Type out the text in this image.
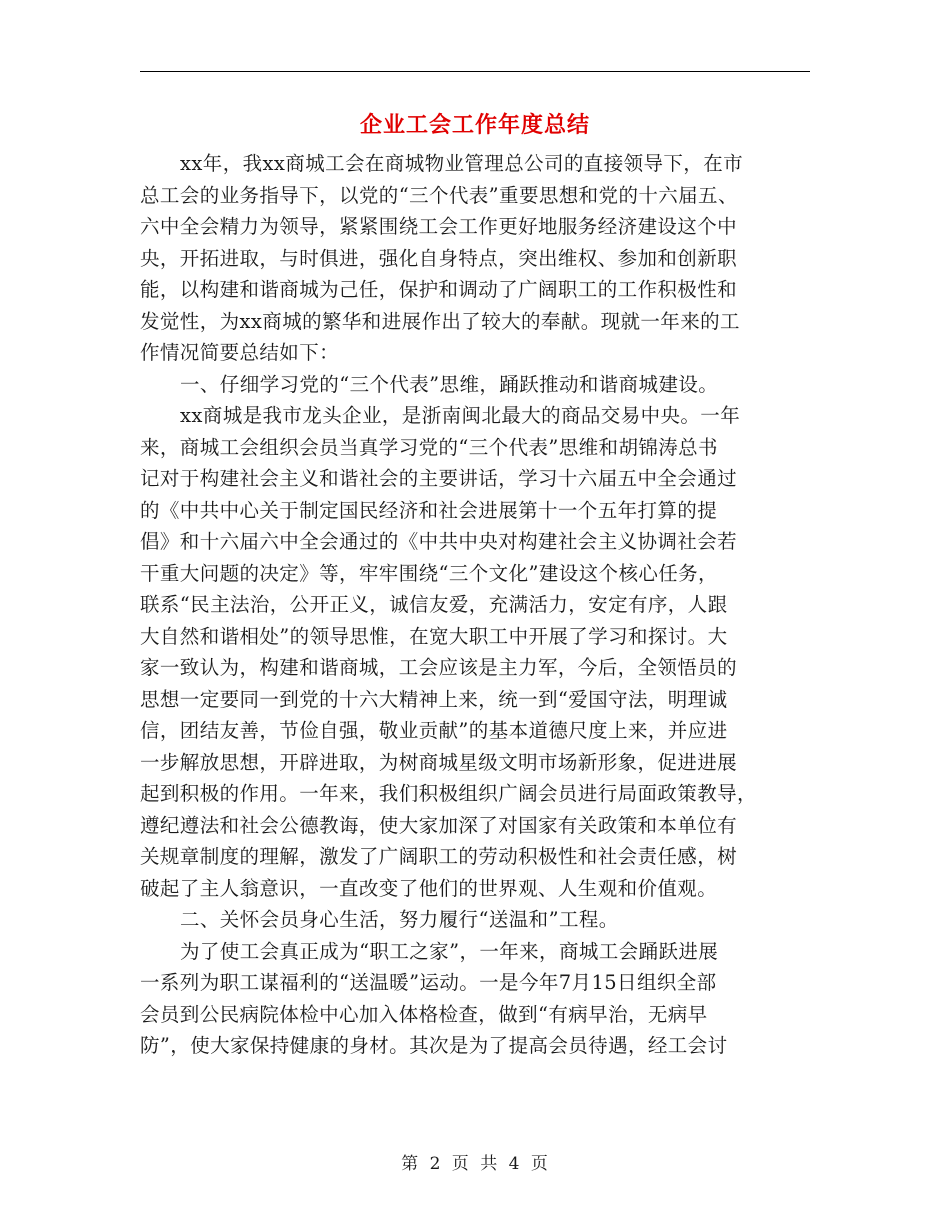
企业工会工作年度总结
xx年，我xx商城工会在商城物业管理总公司的直接领导下，在市
总工会的业务指导下，以党的“三个代表”重要思想和党的十六届五、
六中全会精力为领导，紧紧围绕工会工作更好地服务经济建设这个中
央，开拓进取，与时俱进，强化自身特点，突出维权、参加和创新职
能，以构建和谐商城为己任，保护和调动了广阔职工的工作积极性和
发觉性，为xx商城的繁华和进展作出了较大的奉献。现就一年来的工
作情况简要总结如下：
一、仔细学习党的“三个代表”思维，踊跃推动和谐商城建设。
xx商城是我市龙头企业，是浙南闽北最大的商品交易中央。一年
来，商城工会组织会员当真学习党的“三个代表”思维和胡锦涛总书
记对于构建社会主义和谐社会的主要讲话，学习十六届五中全会通过
的《中共中心关于制定国民经济和社会进展第十一个五年打算的提
倡》和十六届六中全会通过的《中共中央对构建社会主义协调社会若
干重大问题的决定》等，牢牢围绕“三个文化”建设这个核心任务，
联系“民主法治，公开正义，诚信友爱，充满活力，安定有序，人跟
大自然和谐相处”的领导思惟，在宽大职工中开展了学习和探讨。大
家一致认为，构建和谐商城，工会应该是主力军，今后，全领悟员的
思想一定要同一到党的十六大精神上来，统一到“爱国守法，明理诚
信，团结友善，节俭自强，敬业贡献”的基本道德尺度上来，并应进
一步解放思想，开辟进取，为树商城星级文明市场新形象，促进进展
起到积极的作用。一年来，我们积极组织广阔会员进行局面政策教导，
遵纪遵法和社会公德教诲，使大家加深了对国家有关政策和本单位有
关规章制度的理解，激发了广阔职工的劳动积极性和社会责任感，树
破起了主人翁意识，一直改变了他们的世界观、人生观和价值观。
二、关怀会员身心生活，努力履行“送温和”工程。
为了使工会真正成为“职工之家”，一年来，商城工会踊跃进展
一系列为职工谋福利的“送温暖”运动。一是今年7月15日组织全部
会员到公民病院体检中心加入体格检查，做到“有病早治，无病早
防”，使大家保持健康的身材。其次是为了提高会员待遇，经工会讨
第 2 页 共 4 页
